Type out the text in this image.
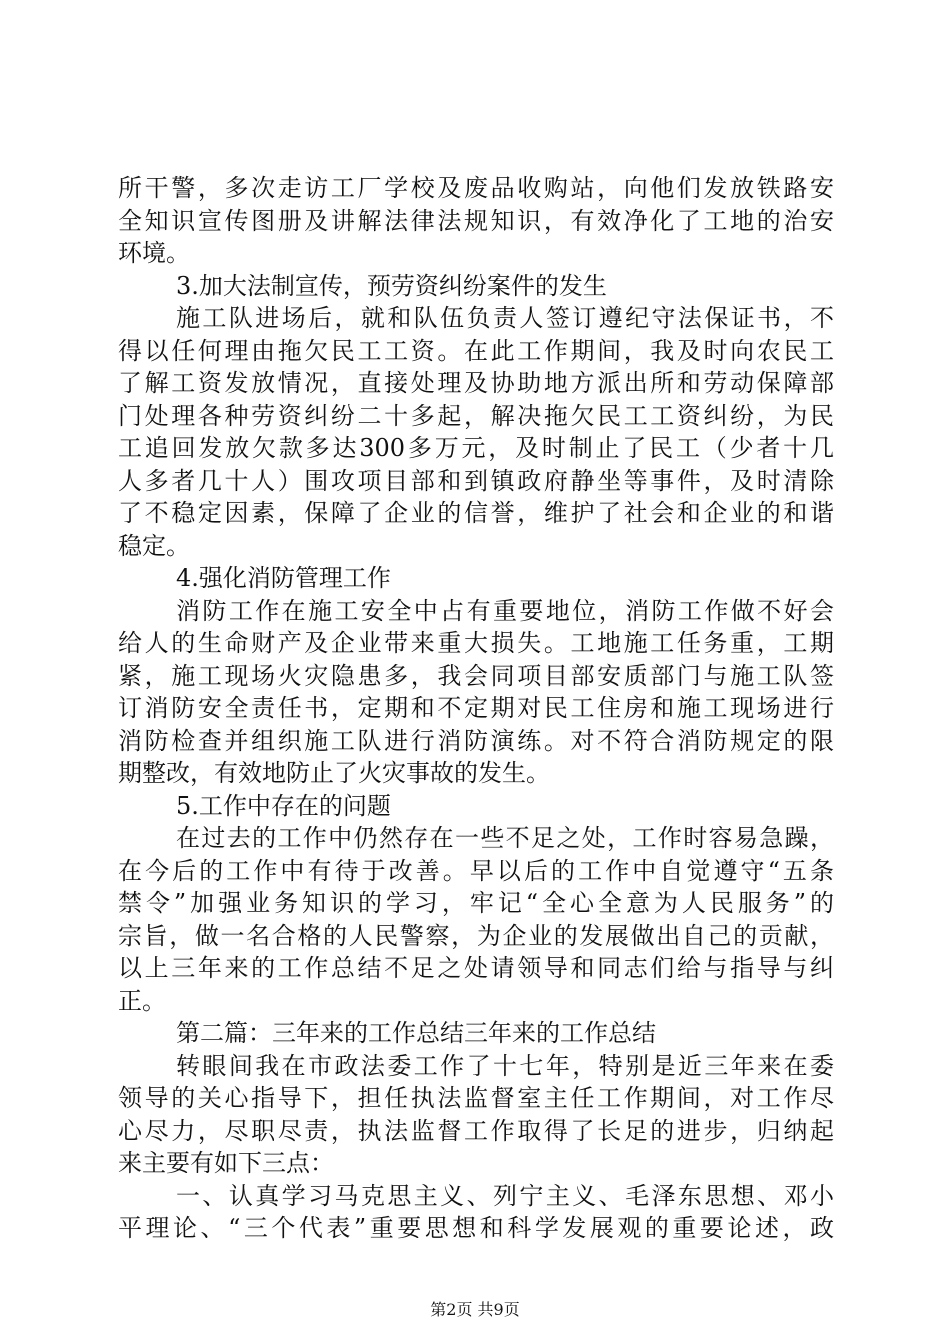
所干警，多次走访工厂学校及废品收购站，向他们发放铁路安
全知识宣传图册及讲解法律法规知识，有效净化了工地的治安
环境。
3.加大法制宣传，预劳资纠纷案件的发生
施工队进场后，就和队伍负责人签订遵纪守法保证书，不
得以任何理由拖欠民工工资。在此工作期间，我及时向农民工
了解工资发放情况，直接处理及协助地方派出所和劳动保障部
门处理各种劳资纠纷二十多起，解决拖欠民工工资纠纷，为民
工追回发放欠款多达300多万元，及时制止了民工（少者十几
人多者几十人）围攻项目部和到镇政府静坐等事件，及时清除
了不稳定因素，保障了企业的信誉，维护了社会和企业的和谐
稳定。
4.强化消防管理工作
消防工作在施工安全中占有重要地位，消防工作做不好会
给人的生命财产及企业带来重大损失。工地施工任务重，工期
紧，施工现场火灾隐患多，我会同项目部安质部门与施工队签
订消防安全责任书，定期和不定期对民工住房和施工现场进行
消防检查并组织施工队进行消防演练。对不符合消防规定的限
期整改，有效地防止了火灾事故的发生。
5.工作中存在的问题
在过去的工作中仍然存在一些不足之处，工作时容易急躁，
在今后的工作中有待于改善。早以后的工作中自觉遵守“五条
禁令”加强业务知识的学习，牢记“全心全意为人民服务”的
宗旨，做一名合格的人民警察，为企业的发展做出自己的贡献，
以上三年来的工作总结不足之处请领导和同志们给与指导与纠
正。
第二篇：三年来的工作总结三年来的工作总结
转眼间我在市政法委工作了十七年，特别是近三年来在委
领导的关心指导下，担任执法监督室主任工作期间，对工作尽
心尽力，尽职尽责，执法监督工作取得了长足的进步，归纳起
来主要有如下三点：
一、认真学习马克思主义、列宁主义、毛泽东思想、邓小
平理论、“三个代表”重要思想和科学发展观的重要论述，政
第2页 共9页
